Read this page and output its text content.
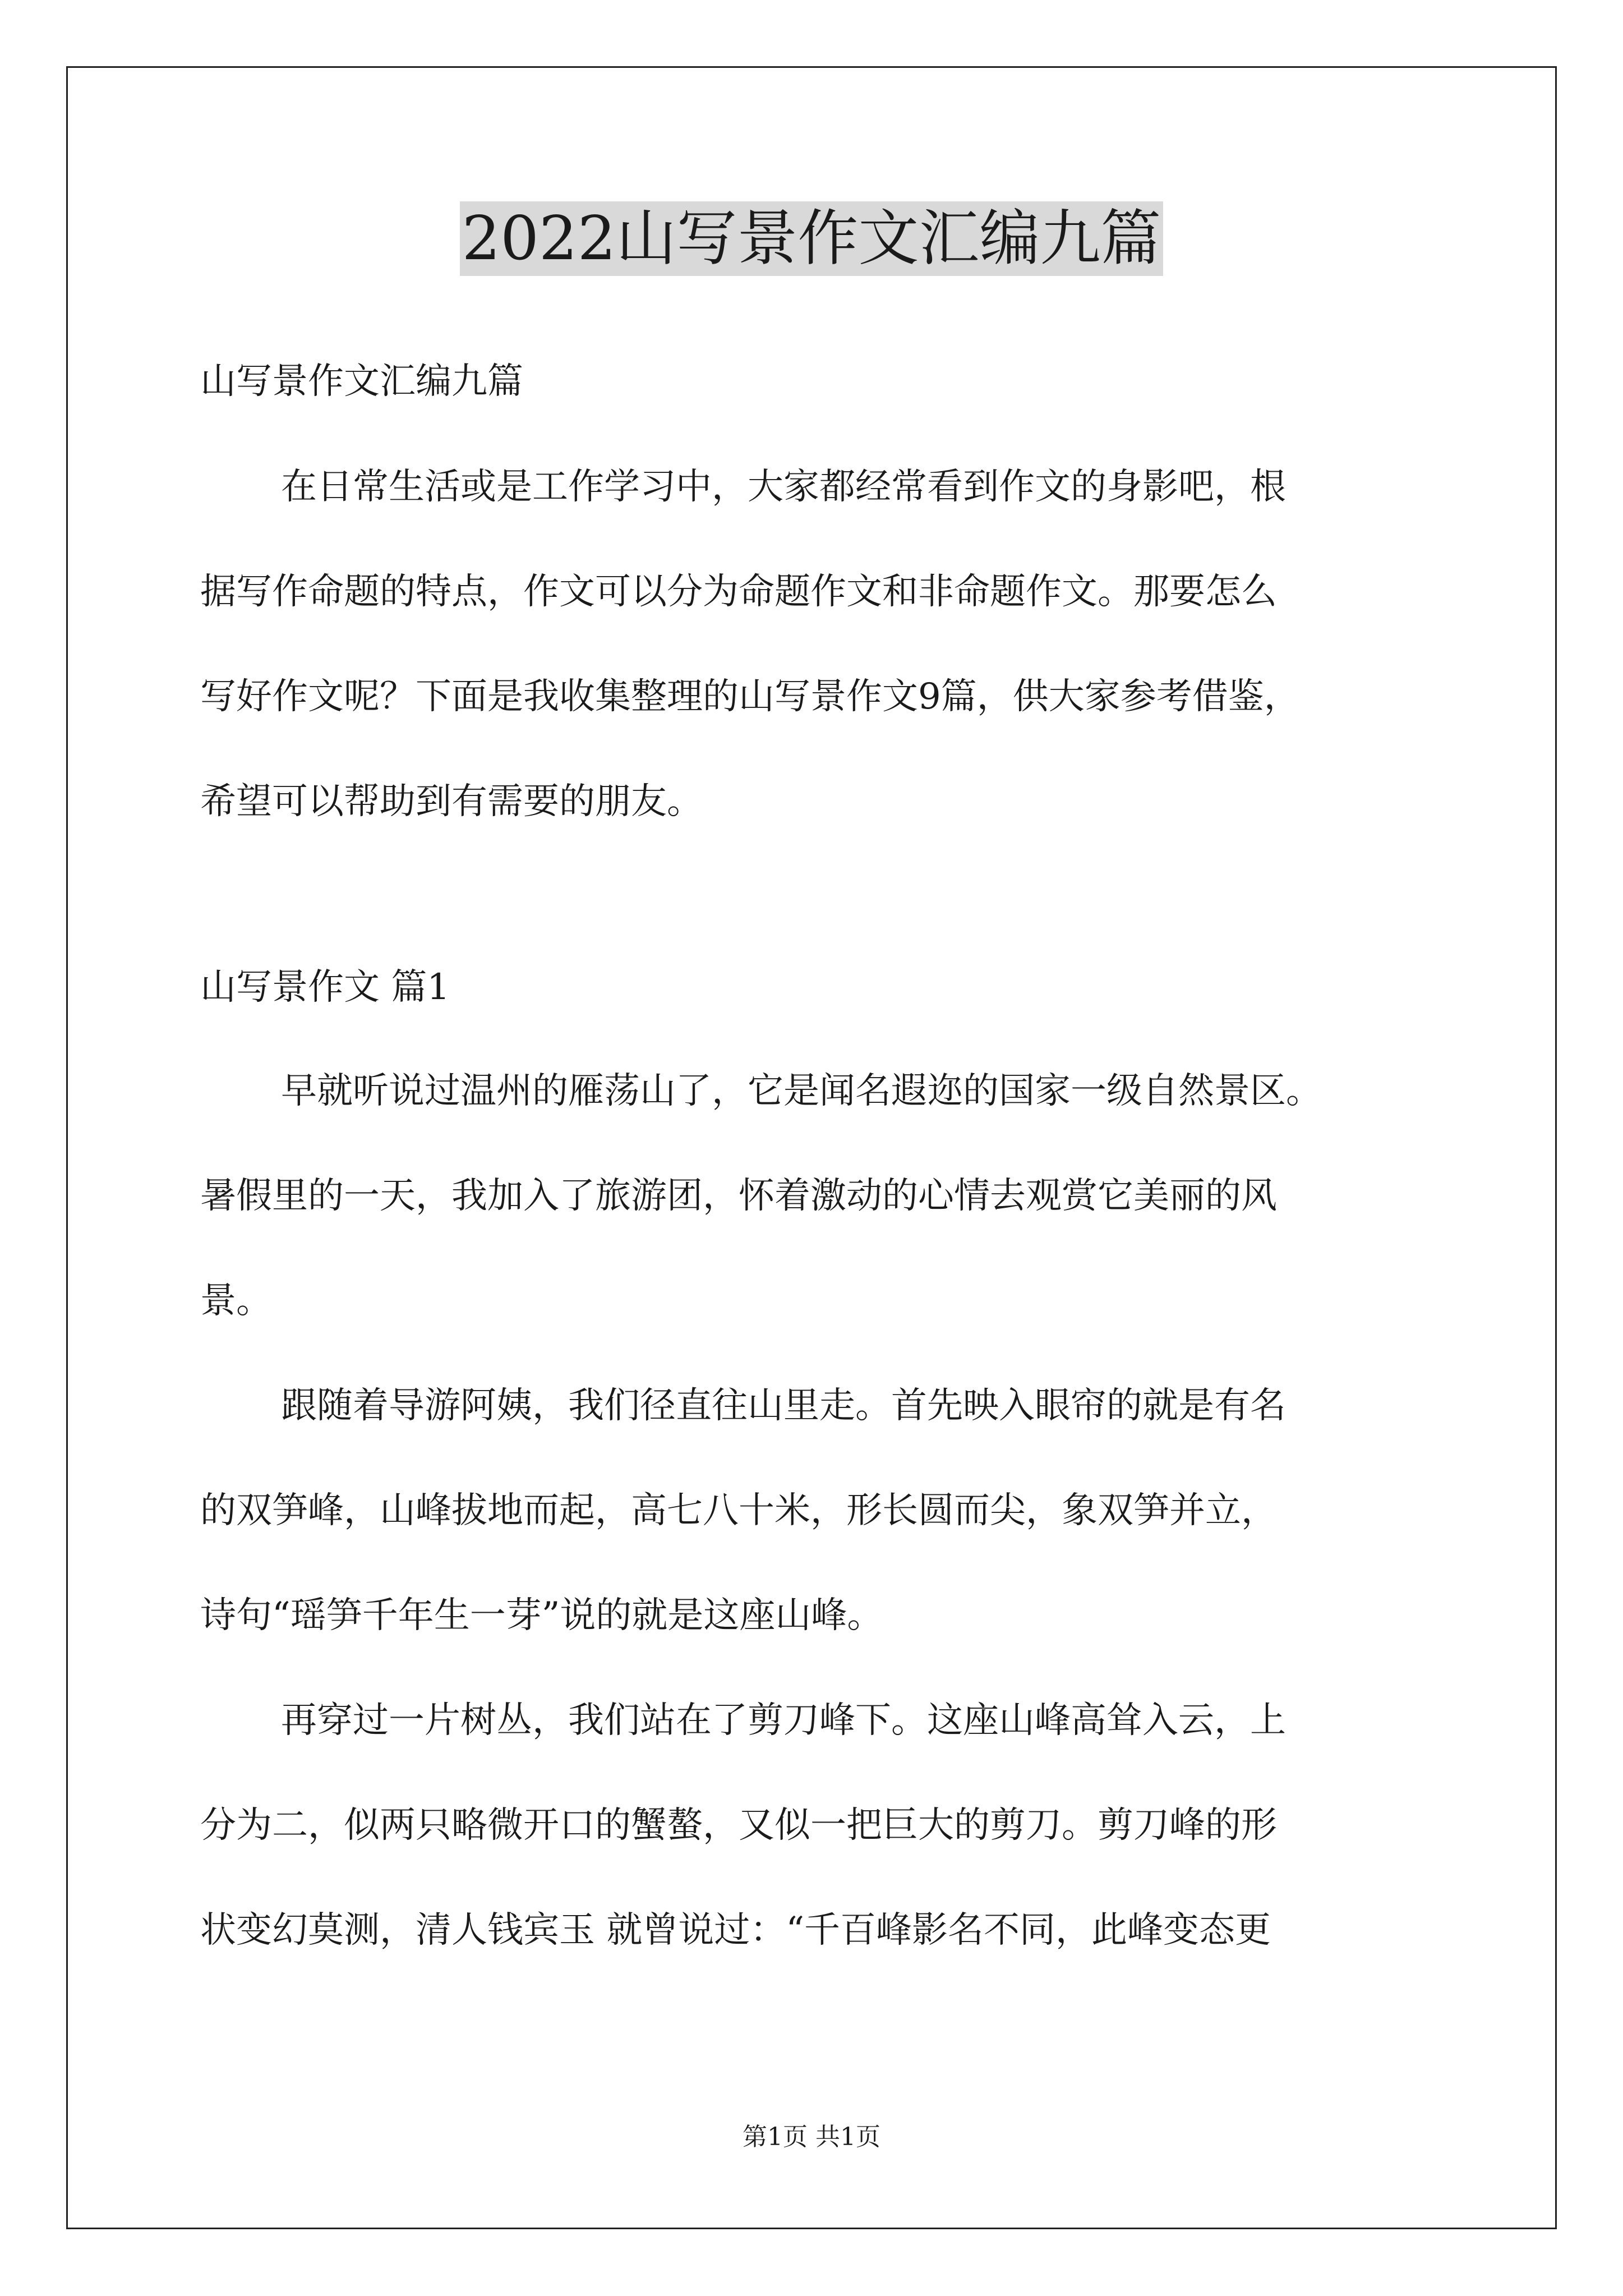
2022山写景作文汇编九篇

山写景作文汇编九篇

在日常生活或是工作学习中，大家都经常看到作文的身影吧，根

据写作命题的特点，作文可以分为命题作文和非命题作文。那要怎么

写好作文呢？下面是我收集整理的山写景作文9篇，供大家参考借鉴，

希望可以帮助到有需要的朋友。

山写景作文 篇1

早就听说过温州的雁荡山了，它是闻名遐迩的国家一级自然景区。

暑假里的一天，我加入了旅游团，怀着激动的心情去观赏它美丽的风

景。

跟随着导游阿姨，我们径直往山里走。首先映入眼帘的就是有名

的双笋峰，山峰拔地而起，高七八十米，形长圆而尖，象双笋并立，

诗句“瑶笋千年生一芽”说的就是这座山峰。

再穿过一片树丛，我们站在了剪刀峰下。这座山峰高耸入云，上

分为二，似两只略微开口的蟹螯，又似一把巨大的剪刀。剪刀峰的形

状变幻莫测，清人钱宾玉 就曾说过：“千百峰影名不同，此峰变态更

第1页 共1页
